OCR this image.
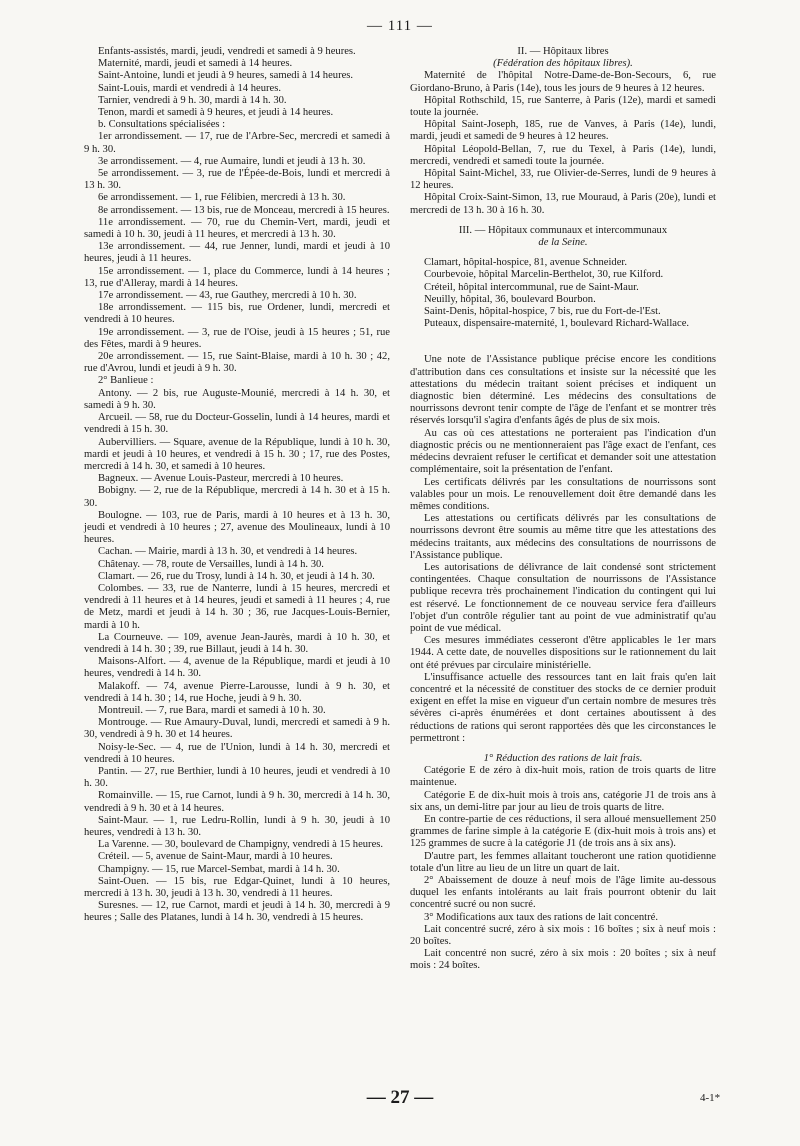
— 111 —

Enfants-assistés, mardi, jeudi, vendredi et samedi à 9 heures.

Maternité, mardi, jeudi et samedi à 14 heures.

Saint-Antoine, lundi et jeudi à 9 heures, samedi à 14 heures.

Saint-Louis, mardi et vendredi à 14 heures.

Tarnier, vendredi à 9 h. 30, mardi à 14 h. 30.

Tenon, mardi et samedi à 9 heures, et jeudi à 14 heures.

b. Consultations spécialisées :

1er arrondissement. — 17, rue de l'Arbre-Sec, mercredi et samedi à 9 h. 30.

3e arrondissement. — 4, rue Aumaire, lundi et jeudi à 13 h. 30.

5e arrondissement. — 3, rue de l'Épée-de-Bois, lundi et mercredi à 13 h. 30.

6e arrondissement. — 1, rue Félibien, mercredi à 13 h. 30.

8e arrondissement. — 13 bis, rue de Monceau, mercredi à 15 heures.

11e arrondissement. — 70, rue du Chemin-Vert, mardi, jeudi et samedi à 10 h. 30, jeudi à 11 heures, et mercredi à 13 h. 30.

13e arrondissement. — 44, rue Jenner, lundi, mardi et jeudi à 10 heures, jeudi à 11 heures.

15e arrondissement. — 1, place du Commerce, lundi à 14 heures ; 13, rue d'Alleray, mardi à 14 heures.

17e arrondissement. — 43, rue Gauthey, mercredi à 10 h. 30.

18e arrondissement. — 115 bis, rue Ordener, lundi, mercredi et vendredi à 10 heures.

19e arrondissement. — 3, rue de l'Oise, jeudi à 15 heures ; 51, rue des Fêtes, mardi à 9 heures.

20e arrondissement. — 15, rue Saint-Blaise, mardi à 10 h. 30 ; 42, rue d'Avrou, lundi et jeudi à 9 h. 30.

2° Banlieue :

Antony. — 2 bis, rue Auguste-Mounié, mercredi à 14 h. 30, et samedi à 9 h. 30.

Arcueil. — 58, rue du Docteur-Gosselin, lundi à 14 heures, mardi et vendredi à 15 h. 30.

Aubervilliers. — Square, avenue de la République, lundi à 10 h. 30, mardi et jeudi à 10 heures, et vendredi à 15 h. 30 ; 17, rue des Postes, mercredi à 14 h. 30, et samedi à 10 heures.

Bagneux. — Avenue Louis-Pasteur, mercredi à 10 heures.

Bobigny. — 2, rue de la République, mercredi à 14 h. 30 et à 15 h. 30.

Boulogne. — 103, rue de Paris, mardi à 10 heures et à 13 h. 30, jeudi et vendredi à 10 heures ; 27, avenue des Moulineaux, lundi à 10 heures.

Cachan. — Mairie, mardi à 13 h. 30, et vendredi à 14 heures.

Châtenay. — 78, route de Versailles, lundi à 14 h. 30.

Clamart. — 26, rue du Trosy, lundi à 14 h. 30, et jeudi à 14 h. 30.

Colombes. — 33, rue de Nanterre, lundi à 15 heures, mercredi et vendredi à 11 heures et à 14 heures, jeudi et samedi à 11 heures ; 4, rue de Metz, mardi et jeudi à 14 h. 30 ; 36, rue Jacques-Louis-Bernier, mardi à 10 h.

La Courneuve. — 109, avenue Jean-Jaurès, mardi à 10 h. 30, et vendredi à 14 h. 30 ; 39, rue Billaut, jeudi à 14 h. 30.

Maisons-Alfort. — 4, avenue de la République, mardi et jeudi à 10 heures, vendredi à 14 h. 30.

Malakoff. — 74, avenue Pierre-Larousse, lundi à 9 h. 30, et vendredi à 14 h. 30 ; 14, rue Hoche, jeudi à 9 h. 30.

Montreuil. — 7, rue Bara, mardi et samedi à 10 h. 30.

Montrouge. — Rue Amaury-Duval, lundi, mercredi et samedi à 9 h. 30, vendredi à 9 h. 30 et 14 heures.

Noisy-le-Sec. — 4, rue de l'Union, lundi à 14 h. 30, mercredi et vendredi à 10 heures.

Pantin. — 27, rue Berthier, lundi à 10 heures, jeudi et vendredi à 10 h. 30.

Romainville. — 15, rue Carnot, lundi à 9 h. 30, mercredi à 14 h. 30, vendredi à 9 h. 30 et à 14 heures.

Saint-Maur. — 1, rue Ledru-Rollin, lundi à 9 h. 30, jeudi à 10 heures, vendredi à 13 h. 30.

La Varenne. — 30, boulevard de Champigny, vendredi à 15 heures.

Créteil. — 5, avenue de Saint-Maur, mardi à 10 heures.

Champigny. — 15, rue Marcel-Sembat, mardi à 14 h. 30.

Saint-Ouen. — 15 bis, rue Edgar-Quinet, lundi à 10 heures, mercredi à 13 h. 30, jeudi à 13 h. 30, vendredi à 11 heures.

Suresnes. — 12, rue Carnot, mardi et jeudi à 14 h. 30, mercredi à 9 heures ; Salle des Platanes, lundi à 14 h. 30, vendredi à 15 heures.

II. — Hôpitaux libres

(Fédération des hôpitaux libres).

Maternité de l'hôpital Notre-Dame-de-Bon-Secours, 6, rue Giordano-Bruno, à Paris (14e), tous les jours de 9 heures à 12 heures.

Hôpital Rothschild, 15, rue Santerre, à Paris (12e), mardi et samedi toute la journée.

Hôpital Saint-Joseph, 185, rue de Vanves, à Paris (14e), lundi, mardi, jeudi et samedi de 9 heures à 12 heures.

Hôpital Léopold-Bellan, 7, rue du Texel, à Paris (14e), lundi, mercredi, vendredi et samedi toute la journée.

Hôpital Saint-Michel, 33, rue Olivier-de-Serres, lundi de 9 heures à 12 heures.

Hôpital Croix-Saint-Simon, 13, rue Mouraud, à Paris (20e), lundi et mercredi de 13 h. 30 à 16 h. 30.

III. — Hôpitaux communaux et intercommunaux

de la Seine.

Clamart, hôpital-hospice, 81, avenue Schneider.

Courbevoie, hôpital Marcelin-Berthelot, 30, rue Kilford.

Créteil, hôpital intercommunal, rue de Saint-Maur.

Neuilly, hôpital, 36, boulevard Bourbon.

Saint-Denis, hôpital-hospice, 7 bis, rue du Fort-de-l'Est.

Puteaux, dispensaire-maternité, 1, boulevard Richard-Wallace.

Une note de l'Assistance publique précise encore les conditions d'attribution dans ces consultations et insiste sur la nécessité que les attestations du médecin traitant soient précises et indiquent un diagnostic bien déterminé. Les médecins des consultations de nourrissons devront tenir compte de l'âge de l'enfant et se montrer très réservés lorsqu'il s'agira d'enfants âgés de plus de six mois.

Au cas où ces attestations ne porteraient pas l'indication d'un diagnostic précis ou ne mentionneraient pas l'âge exact de l'enfant, ces médecins devraient refuser le certificat et demander soit une attestation complémentaire, soit la présentation de l'enfant.

Les certificats délivrés par les consultations de nourrissons sont valables pour un mois. Le renouvellement doit être demandé dans les mêmes conditions.

Les attestations ou certificats délivrés par les consultations de nourrissons devront être soumis au même titre que les attestations des médecins traitants, aux médecins des consultations de nourrissons de l'Assistance publique.

Les autorisations de délivrance de lait condensé sont strictement contingentées. Chaque consultation de nourrissons de l'Assistance publique recevra très prochainement l'indication du contingent qui lui est réservé. Le fonctionnement de ce nouveau service fera d'ailleurs l'objet d'un contrôle régulier tant au point de vue administratif qu'au point de vue médical.

Ces mesures immédiates cesseront d'être applicables le 1er mars 1944. A cette date, de nouvelles dispositions sur le rationnement du lait ont été prévues par circulaire ministérielle.

L'insuffisance actuelle des ressources tant en lait frais qu'en lait concentré et la nécessité de constituer des stocks de ce dernier produit exigent en effet la mise en vigueur d'un certain nombre de mesures très sévères ci-après énumérées et dont certaines aboutissent à des réductions de rations qui seront rapportées dès que les circonstances le permettront :

1° Réduction des rations de lait frais.

Catégorie E de zéro à dix-huit mois, ration de trois quarts de litre maintenue.

Catégorie E de dix-huit mois à trois ans, catégorie J1 de trois ans à six ans, un demi-litre par jour au lieu de trois quarts de litre.

En contre-partie de ces réductions, il sera alloué mensuellement 250 grammes de farine simple à la catégorie E (dix-huit mois à trois ans) et 125 grammes de sucre à la catégorie J1 (de trois ans à six ans).

D'autre part, les femmes allaitant toucheront une ration quotidienne totale d'un litre au lieu de un litre un quart de lait.

2° Abaissement de douze à neuf mois de l'âge limite au-dessous duquel les enfants intolérants au lait frais pourront obtenir du lait concentré sucré ou non sucré.

3° Modifications aux taux des rations de lait concentré.

Lait concentré sucré, zéro à six mois : 16 boîtes ; six à neuf mois : 20 boîtes.

Lait concentré non sucré, zéro à six mois : 20 boîtes ; six à neuf mois : 24 boîtes.

— 27 —	4-1*
